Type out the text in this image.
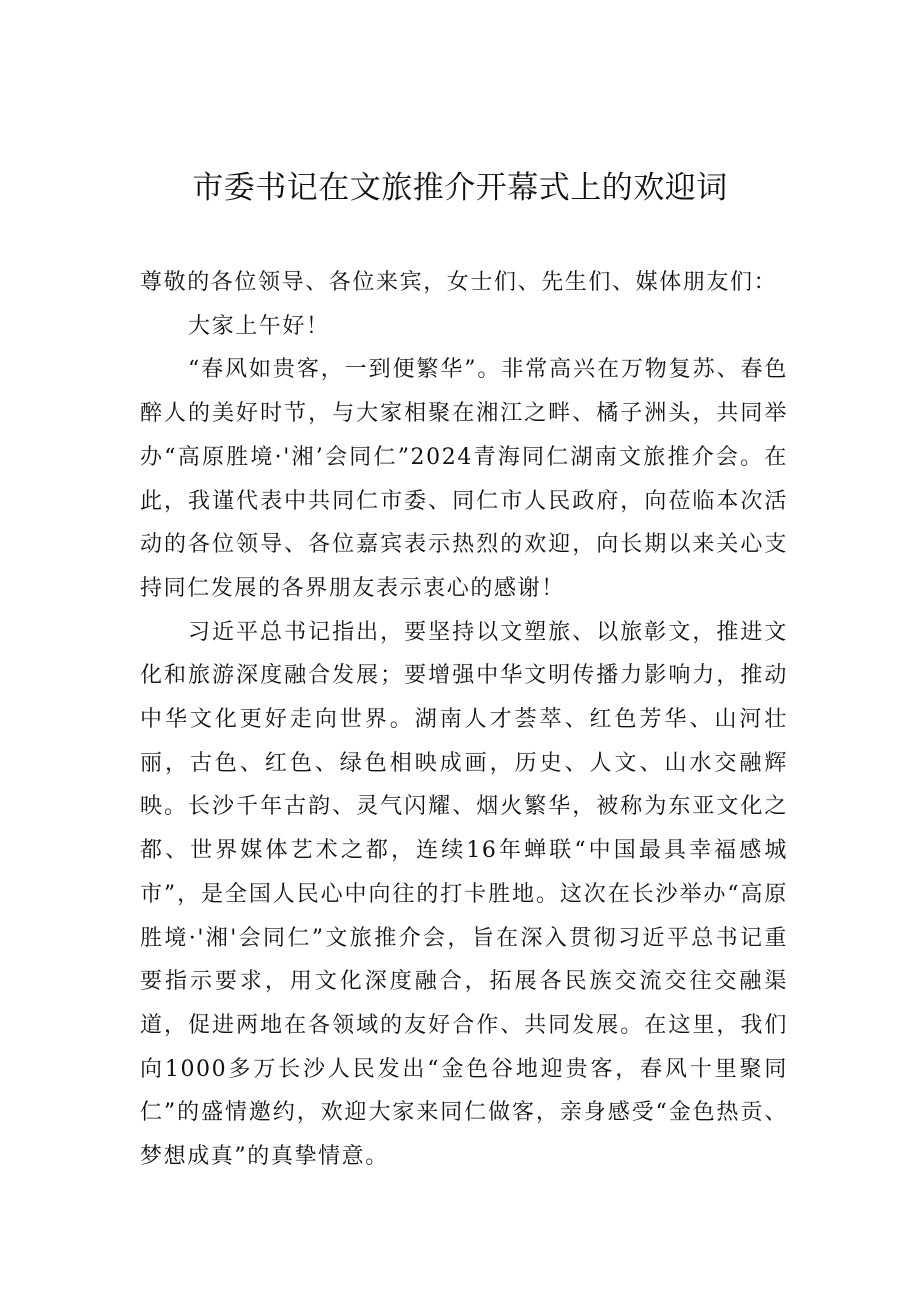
市委书记在文旅推介开幕式上的欢迎词

尊敬的各位领导、各位来宾，女士们、先生们、媒体朋友们：

大家上午好！

“春风如贵客，一到便繁华”。非常高兴在万物复苏、春色醉人的美好时节，与大家相聚在湘江之畔、橘子洲头，共同举办“高原胜境·'湘’会同仁”2024青海同仁湖南文旅推介会。在此，我谨代表中共同仁市委、同仁市人民政府，向莅临本次活动的各位领导、各位嘉宾表示热烈的欢迎，向长期以来关心支持同仁发展的各界朋友表示衷心的感谢！

习近平总书记指出，要坚持以文塑旅、以旅彰文，推进文化和旅游深度融合发展；要增强中华文明传播力影响力，推动中华文化更好走向世界。湖南人才荟萃、红色芳华、山河壮丽，古色、红色、绿色相映成画，历史、人文、山水交融辉映。长沙千年古韵、灵气闪耀、烟火繁华，被称为东亚文化之都、世界媒体艺术之都，连续16年蝉联“中国最具幸福感城市”，是全国人民心中向往的打卡胜地。这次在长沙举办“高原胜境·'湘'会同仁”文旅推介会，旨在深入贯彻习近平总书记重要指示要求，用文化深度融合，拓展各民族交流交往交融渠道，促进两地在各领域的友好合作、共同发展。在这里，我们向1000多万长沙人民发出“金色谷地迎贵客，春风十里聚同仁”的盛情邀约，欢迎大家来同仁做客，亲身感受“金色热贡、梦想成真”的真挚情意。
